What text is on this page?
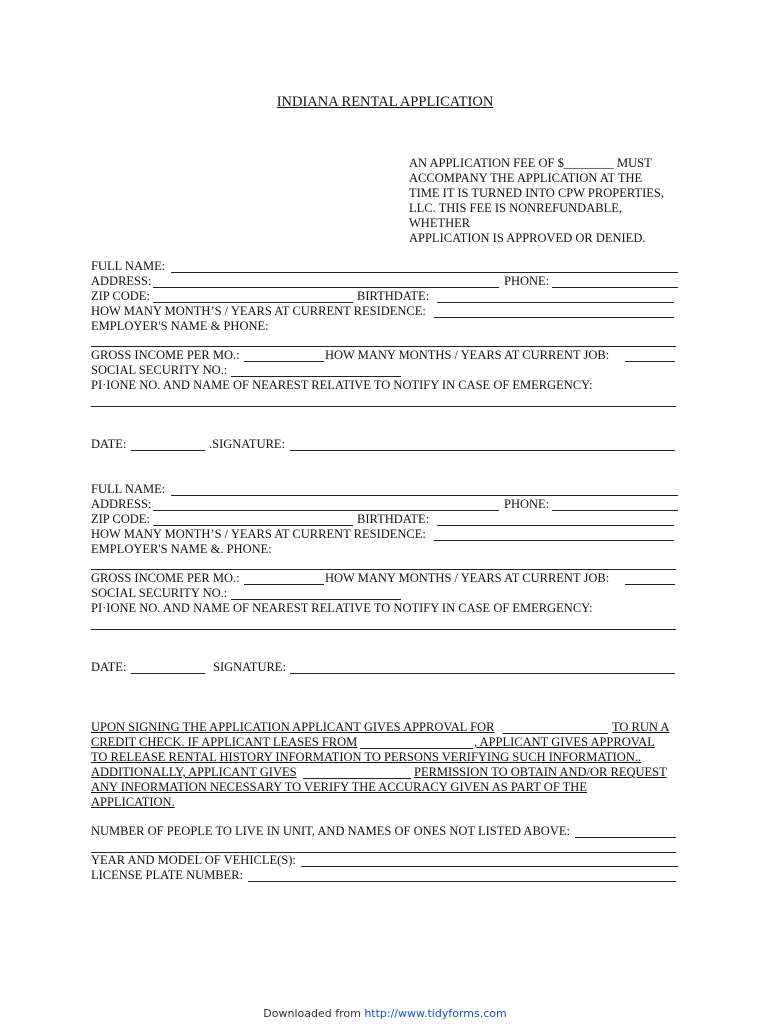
INDIANA RENTAL APPLICATION
AN APPLICATION FEE OF $________ MUST
ACCOMPANY THE APPLICATION AT THE
TIME IT IS TURNED INTO CPW PROPERTIES,
LLC. THIS FEE IS NONREFUNDABLE,
WHETHER
APPLICATION IS APPROVED OR DENIED.
FULL NAME:
ADDRESS:	PHONE:
ZIP CODE:	BIRTHDATE:
HOW MANY MONTH’S / YEARS AT CURRENT RESIDENCE:
EMPLOYER'S NAME & PHONE:
GROSS INCOME PER MO.:	HOW MANY MONTHS / YEARS AT CURRENT JOB:
SOCIAL SECURITY NO.:
PI·IONE NO. AND NAME OF NEAREST RELATIVE TO NOTIFY IN CASE OF EMERGENCY:
DATE:	.SIGNATURE:
FULL NAME:
ADDRESS:	PHONE:
ZIP CODE:	BIRTHDATE:
HOW MANY MONTH’S / YEARS AT CURRENT RESIDENCE:
EMPLOYER'S NAME &. PHONE:
GROSS INCOME PER MO.:	HOW MANY MONTHS / YEARS AT CURRENT JOB:
SOCIAL SECURITY NO.:
PI·IONE NO. AND NAME OF NEAREST RELATIVE TO NOTIFY IN CASE OF EMERGENCY:
DATE:	SIGNATURE:
UPON SIGNING THE APPLICATION APPLICANT GIVES APPROVAL FOR	TO RUN A
CREDIT CHECK. IF APPLICANT LEASES FROM	, APPLICANT GIVES APPROVAL
TO RELEASE RENTAL HISTORY INFORMATION TO PERSONS VERIFYING SUCH INFORMATION..
ADDITIONALLY, APPLICANT GIVES	PERMISSION TO OBTAIN AND/OR REQUEST
ANY INFORMATION NECESSARY TO VERIFY THE ACCURACY GIVEN AS PART OF THE
APPLICATION.
NUMBER OF PEOPLE TO LIVE IN UNIT, AND NAMES OF ONES NOT LISTED ABOVE:
YEAR AND MODEL OF VEHICLE(S):
LICENSE PLATE NUMBER:
Downloaded from http://www.tidyforms.com
